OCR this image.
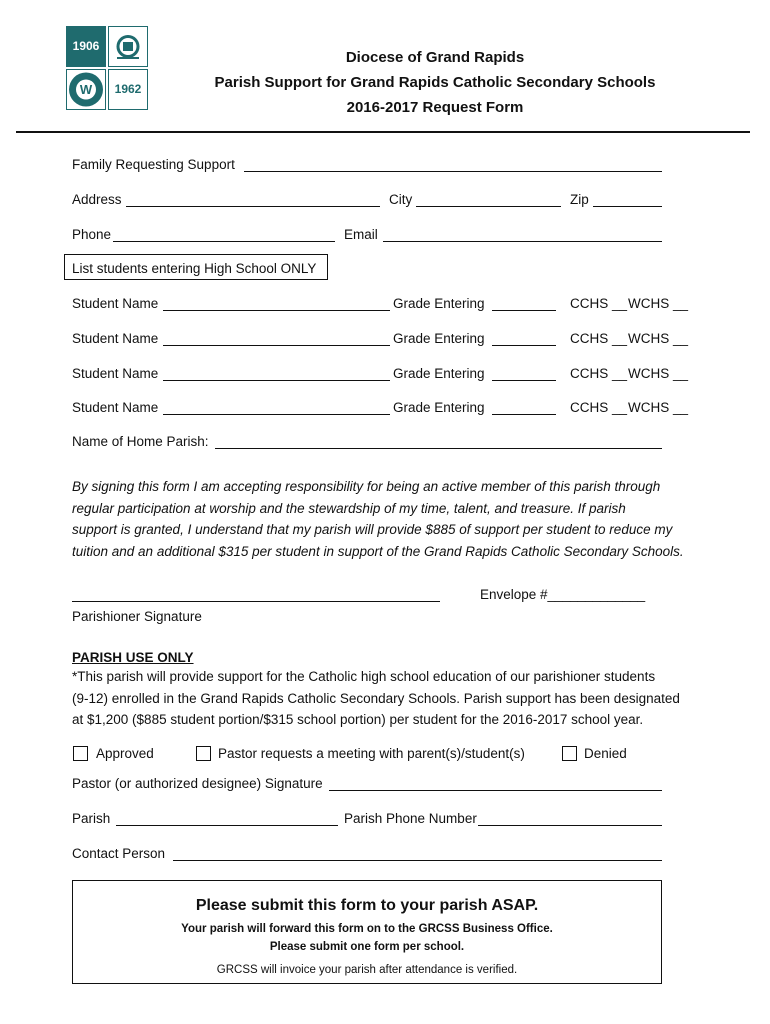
1906
W	1962
Diocese of Grand Rapids
Parish Support for Grand Rapids Catholic Secondary Schools
2016-2017 Request Form
Family Requesting Support
Address	City	Zip
Phone	Email
List students entering High School ONLY
Student Name	Grade Entering	CCHS __ WCHS __
Student Name	Grade Entering	CCHS __ WCHS __
Student Name	Grade Entering	CCHS __ WCHS __
Student Name	Grade Entering	CCHS __ WCHS __
Name of Home Parish:
By signing this form I am accepting responsibility for being an active member of this parish through
regular participation at worship and the stewardship of my time, talent, and treasure. If parish
support is granted, I understand that my parish will provide $885 of support per student to reduce my
tuition and an additional $315 per student in support of the Grand Rapids Catholic Secondary Schools.
Envelope #_____________
Parishioner Signature
PARISH USE ONLY
*This parish will provide support for the Catholic high school education of our parishioner students
(9-12) enrolled in the Grand Rapids Catholic Secondary Schools. Parish support has been designated
at $1,200 ($885 student portion/$315 school portion) per student for the 2016-2017 school year.
Approved	Pastor requests a meeting with parent(s)/student(s)	Denied
Pastor (or authorized designee) Signature
Parish	Parish Phone Number
Contact Person
Please submit this form to your parish ASAP.
Your parish will forward this form on to the GRCSS Business Office.
Please submit one form per school.
GRCSS will invoice your parish after attendance is verified.
